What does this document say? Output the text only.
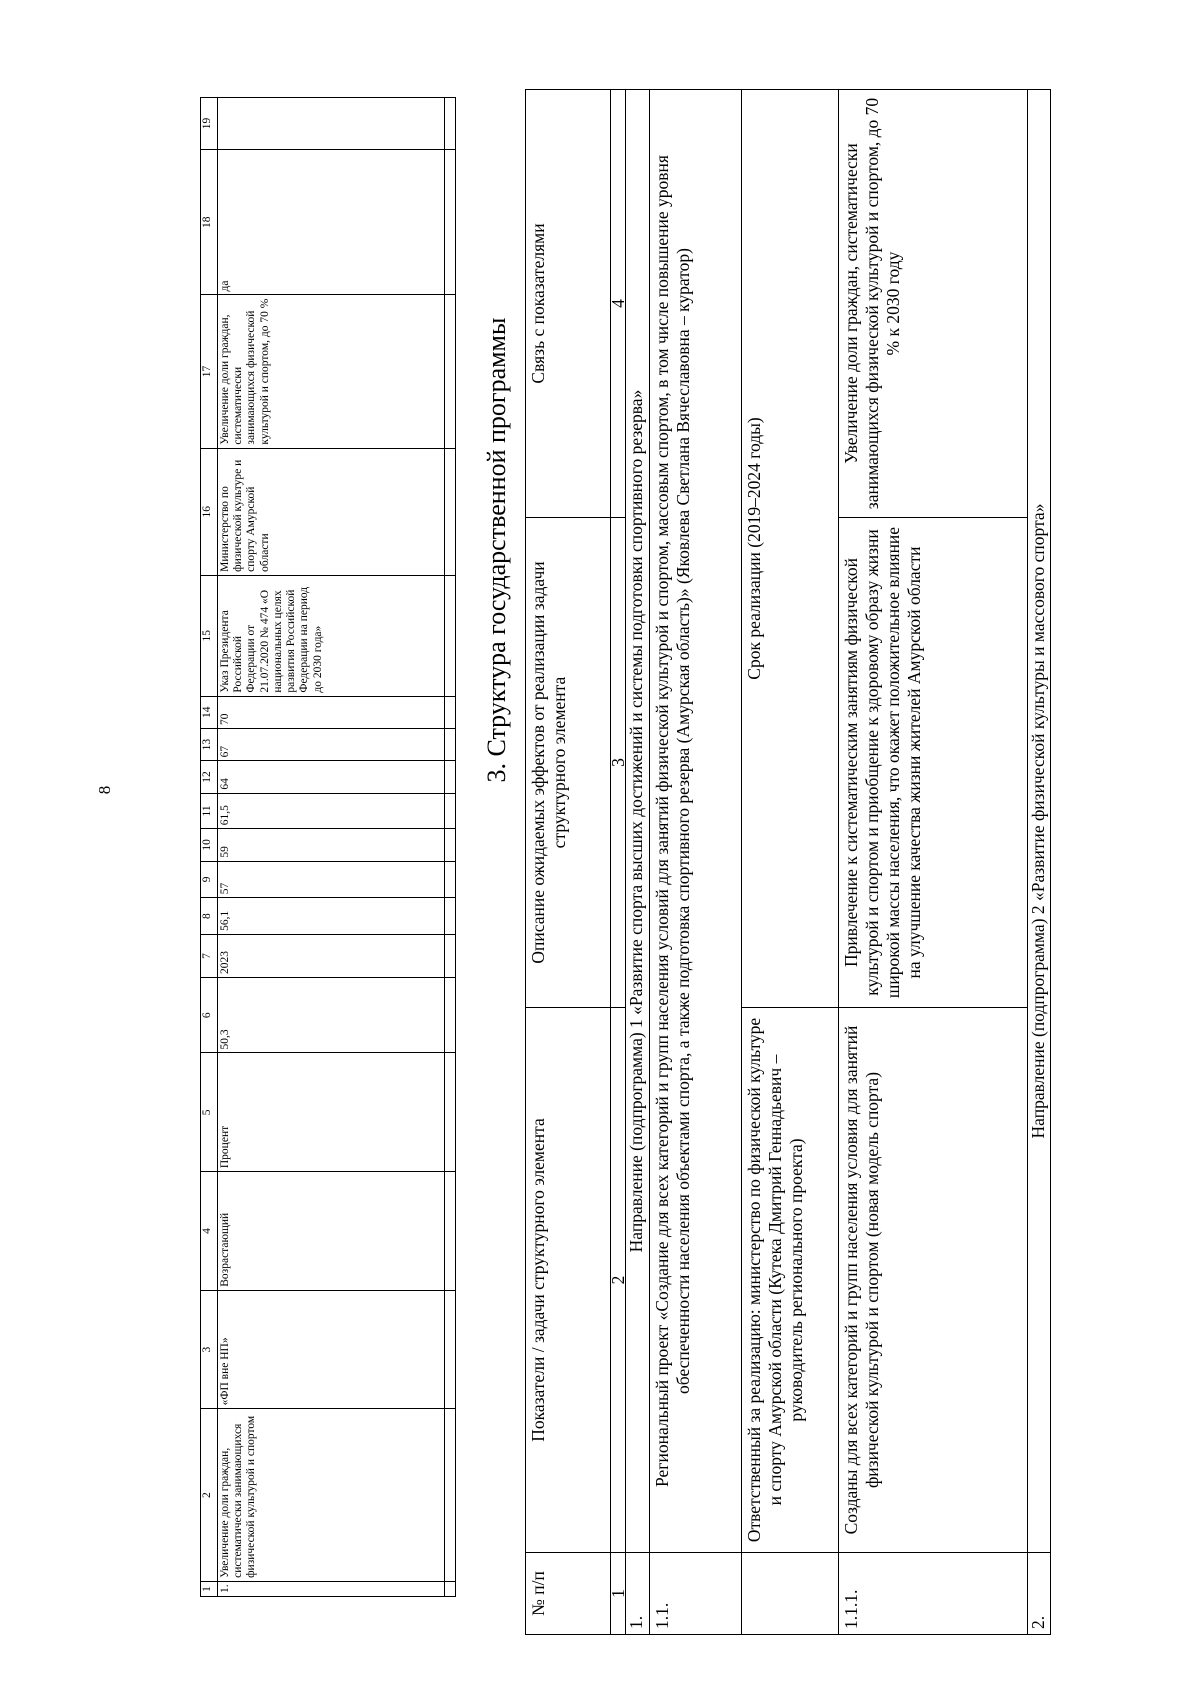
8
1	2	3	4	5	6	7	8	9	10	11	12	13	14	15	16	17	18	19
1.	Увеличение доли граждан, систематически занимающихся физической культурой и спортом	«ФП вне НП»	Возрастающий	Процент	50,3	2023	56,1	57	59	61,5	64	67	70	Указ Президента Российской Федерации от 21.07.2020 № 474 «О национальных целях развития Российской Федерации на период до 2030 года»	Министерство по физической культуре и спорту Амурской области	Увеличение доли граждан, систематически занимающихся физической культурой и спортом, до 70 %	да	

3. Структура государственной программы
№ п/п	Показатели / задачи структурного элемента	Описание ожидаемых эффектов от реализации задачи структурного элемента	Связь с показателями
1	2	3	4
1.	Направление (подпрограмма) 1 «Развитие спорта высших достижений и системы подготовки спортивного резерва»		
1.1.	Региональный проект «Создание для всех категорий и групп населения условий для занятий физической культурой и спортом, массовым спортом, в том числе повышение уровня обеспеченности населения объектами спорта, а также подготовка спортивного резерва (Амурская область)» (Яковлева Светлана Вячеславовна – куратор)		
	Ответственный за реализацию: министерство по физической культуре и спорту Амурской области (Кутека Дмитрий Геннадьевич – руководитель регионального проекта)	Срок реализации (2019–2024 годы)	
1.1.1.	Созданы для всех категорий и групп населения условия для занятий физической культурой и спортом (новая модель спорта)	Привлечение к систематическим занятиям физической культурой и спортом и приобщение к здоровому образу жизни широкой массы населения, что окажет положительное влияние на улучшение качества жизни жителей Амурской области	Увеличение доли граждан, систематически занимающихся физической культурой и спортом, до 70 % к 2030 году
2.	Направление (подпрограмма) 2 «Развитие физической культуры и массового спорта»		
